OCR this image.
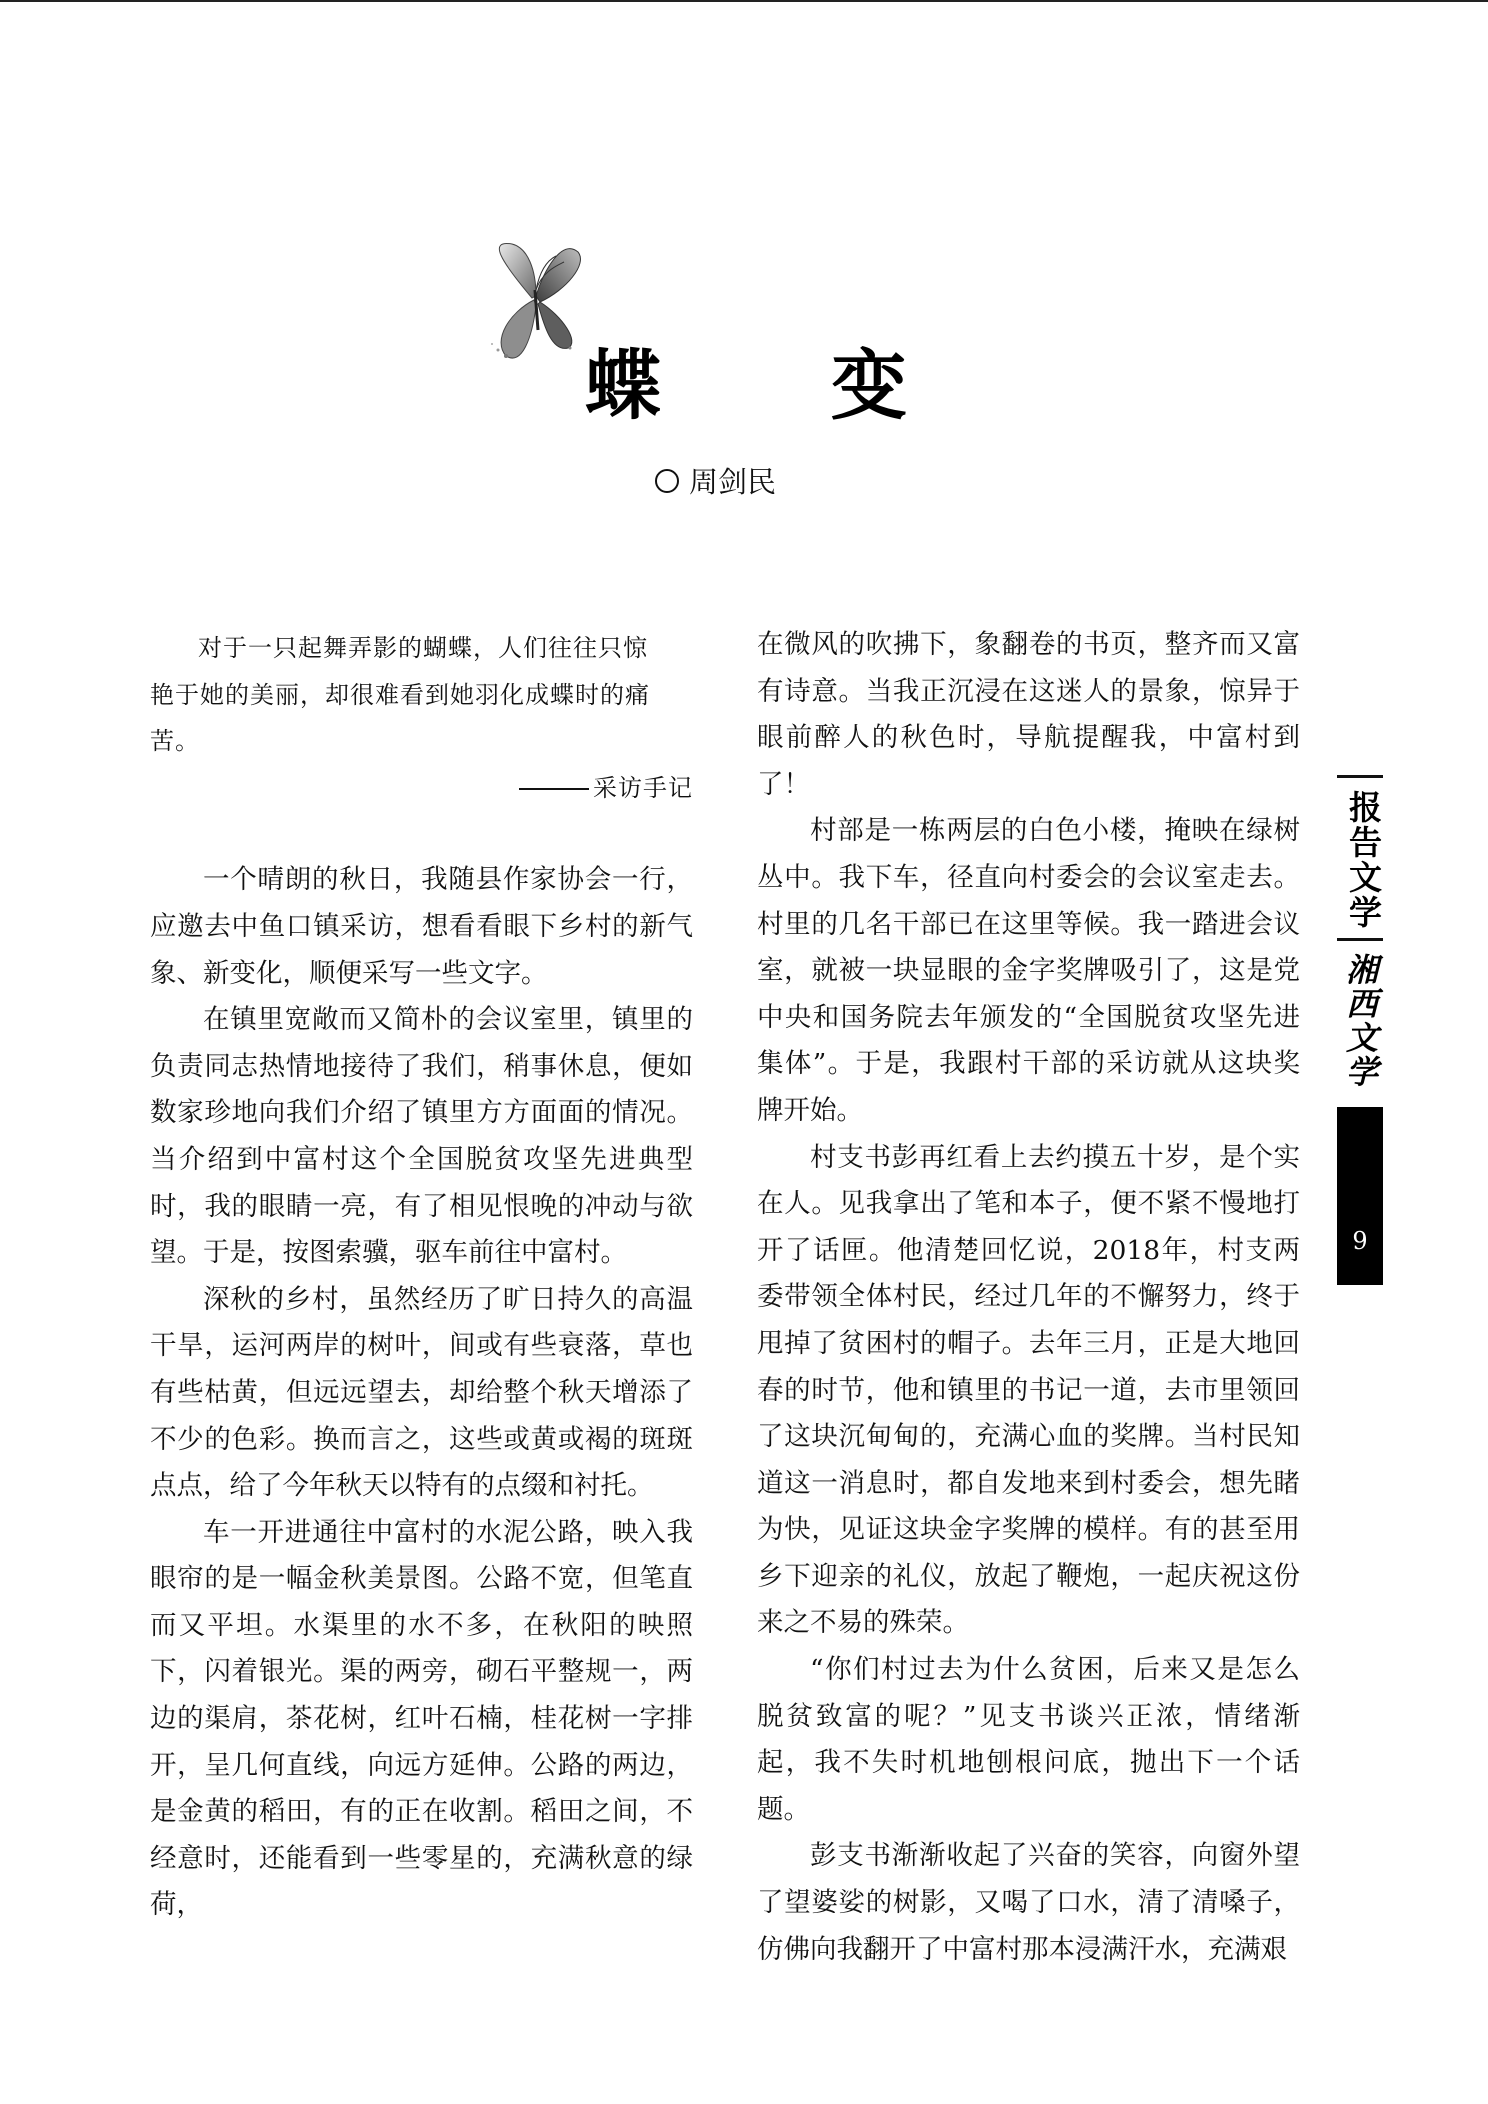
蝶　　变
周剑民

对于一只起舞弄影的蝴蝶，人们往往只惊

艳于她的美丽，却很难看到她羽化成蝶时的痛

苦。

采访手记

一个晴朗的秋日，我随县作家协会一行，应邀去中鱼口镇采访，想看看眼下乡村的新气象、新变化，顺便采写一些文字。

在镇里宽敞而又简朴的会议室里，镇里的负责同志热情地接待了我们，稍事休息，便如数家珍地向我们介绍了镇里方方面面的情况。当介绍到中富村这个全国脱贫攻坚先进典型时，我的眼睛一亮，有了相见恨晚的冲动与欲望。于是，按图索骥，驱车前往中富村。

深秋的乡村，虽然经历了旷日持久的高温干旱，运河两岸的树叶，间或有些衰落，草也有些枯黄，但远远望去，却给整个秋天增添了不少的色彩。换而言之，这些或黄或褐的斑斑点点，给了今年秋天以特有的点缀和衬托。

车一开进通往中富村的水泥公路，映入我眼帘的是一幅金秋美景图。公路不宽，但笔直而又平坦。水渠里的水不多，在秋阳的映照下，闪着银光。渠的两旁，砌石平整规一，两边的渠肩，茶花树，红叶石楠，桂花树一字排开，呈几何直线，向远方延伸。公路的两边，是金黄的稻田，有的正在收割。稻田之间，不经意时，还能看到一些零星的，充满秋意的绿荷，

在微风的吹拂下，象翻卷的书页，整齐而又富有诗意。当我正沉浸在这迷人的景象，惊异于眼前醉人的秋色时，导航提醒我，中富村到了！

村部是一栋两层的白色小楼，掩映在绿树丛中。我下车，径直向村委会的会议室走去。村里的几名干部已在这里等候。我一踏进会议室，就被一块显眼的金字奖牌吸引了，这是党中央和国务院去年颁发的“全国脱贫攻坚先进集体”。于是，我跟村干部的采访就从这块奖牌开始。

村支书彭再红看上去约摸五十岁，是个实在人。见我拿出了笔和本子，便不紧不慢地打开了话匣。他清楚回忆说，2018年，村支两委带领全体村民，经过几年的不懈努力，终于甩掉了贫困村的帽子。去年三月，正是大地回春的时节，他和镇里的书记一道，去市里领回了这块沉甸甸的，充满心血的奖牌。当村民知道这一消息时，都自发地来到村委会，想先睹为快，见证这块金字奖牌的模样。有的甚至用乡下迎亲的礼仪，放起了鞭炮，一起庆祝这份来之不易的殊荣。

“你们村过去为什么贫困，后来又是怎么脱贫致富的呢？”见支书谈兴正浓，情绪渐起，我不失时机地刨根问底，抛出下一个话题。

彭支书渐渐收起了兴奋的笑容，向窗外望了望婆娑的树影，又喝了口水，清了清嗓子，仿佛向我翻开了中富村那本浸满汗水，充满艰

报告文学
湘西文学
9
